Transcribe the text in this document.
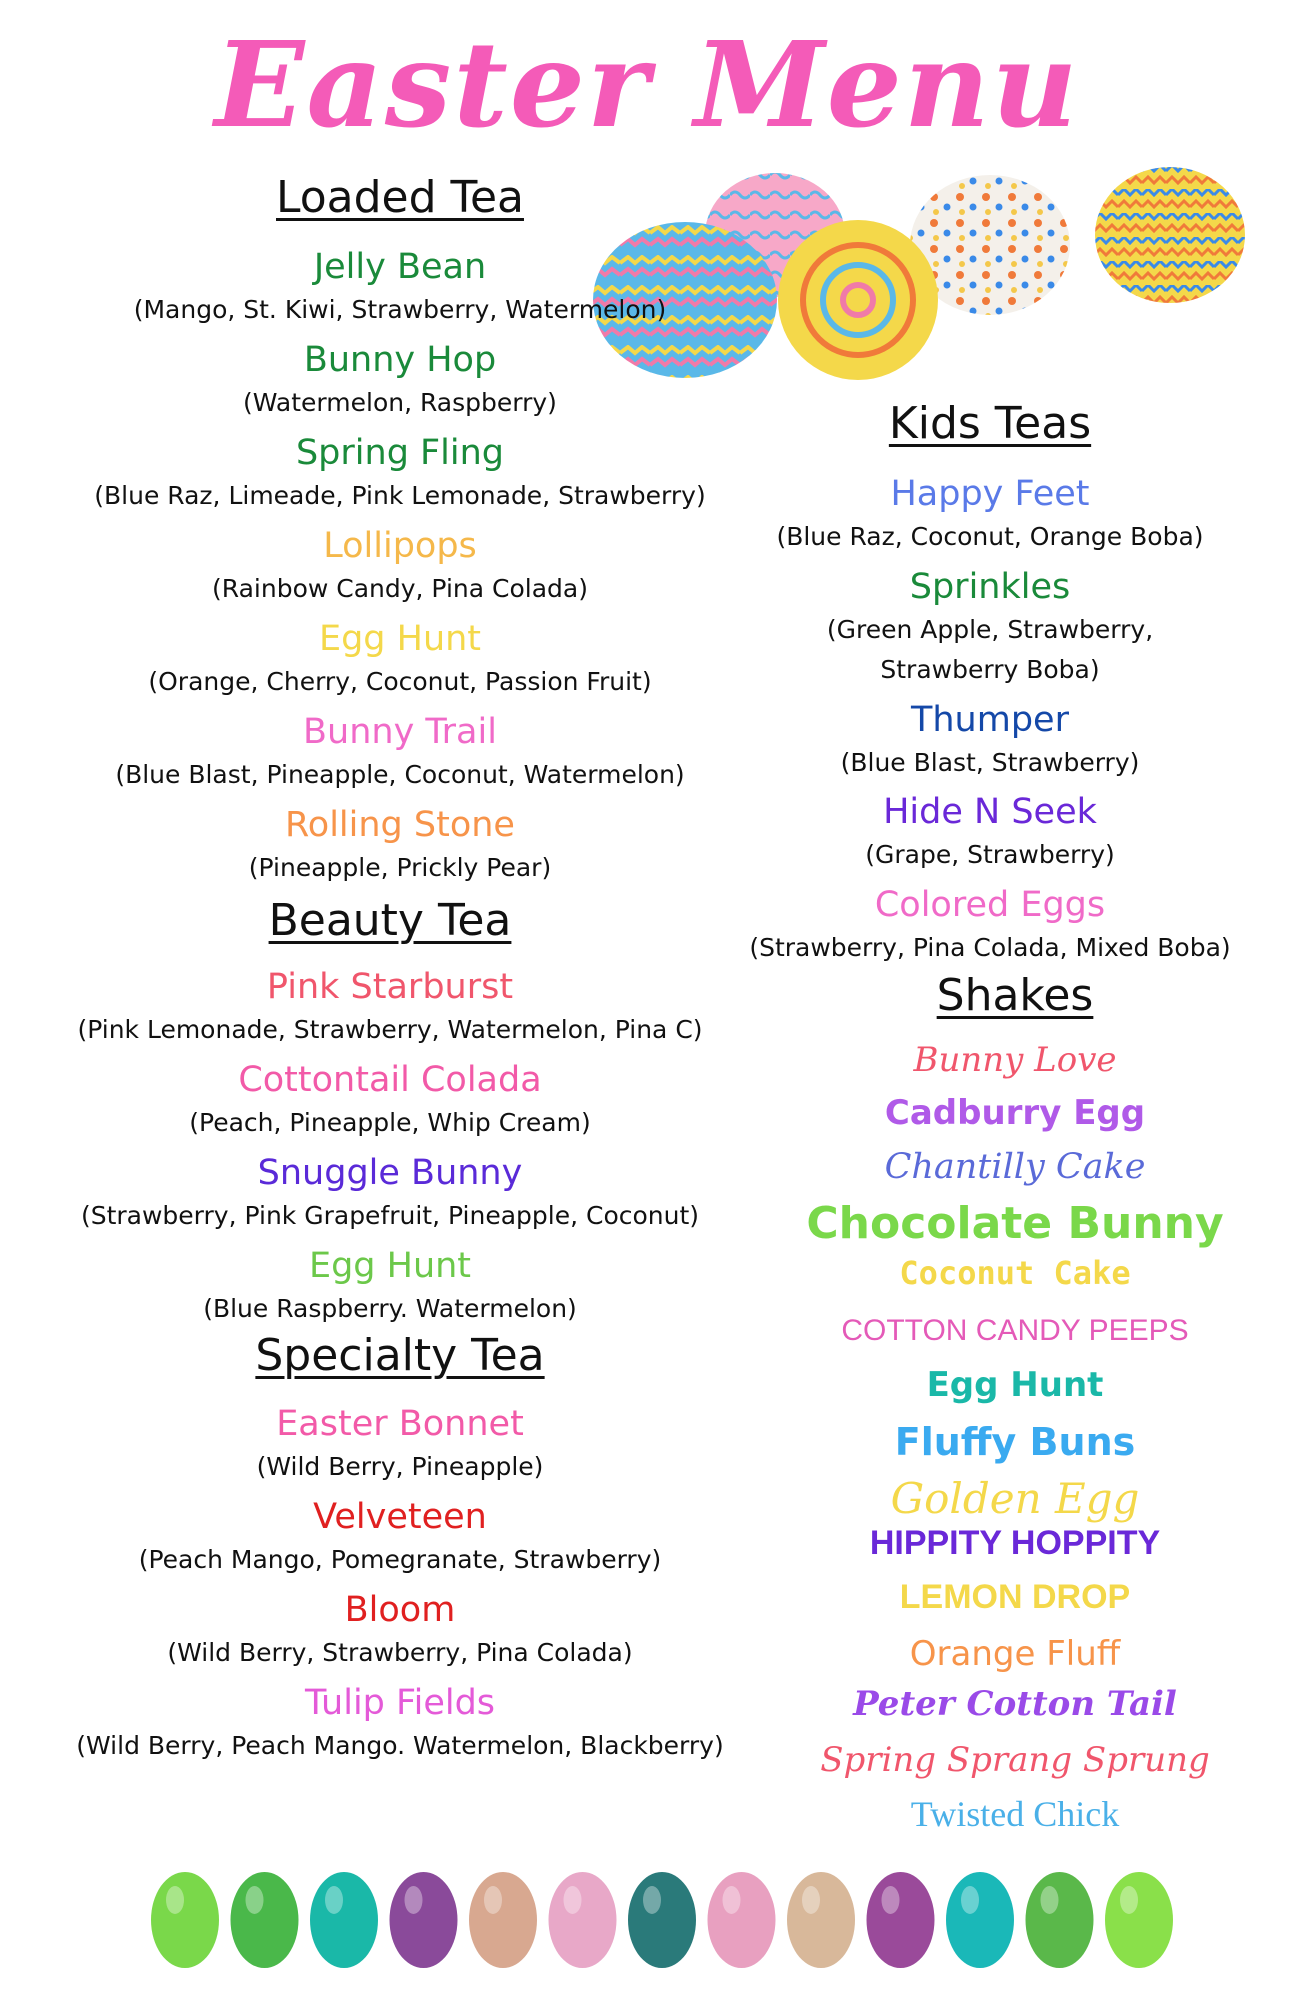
Easter Menu
Loaded Tea
Jelly Bean
(Mango, St. Kiwi, Strawberry, Watermelon)
Bunny Hop
(Watermelon, Raspberry)
Spring Fling
(Blue Raz, Limeade, Pink Lemonade, Strawberry)
Lollipops
(Rainbow Candy, Pina Colada)
Egg Hunt
(Orange, Cherry, Coconut, Passion Fruit)
Bunny Trail
(Blue Blast, Pineapple, Coconut, Watermelon)
Rolling Stone
(Pineapple, Prickly Pear)
Beauty Tea
Pink Starburst
(Pink Lemonade, Strawberry, Watermelon, Pina C)
Cottontail Colada
(Peach, Pineapple, Whip Cream)
Snuggle Bunny
(Strawberry, Pink Grapefruit, Pineapple, Coconut)
Egg Hunt
(Blue Raspberry. Watermelon)
Specialty Tea
Easter Bonnet
(Wild Berry, Pineapple)
Velveteen
(Peach Mango, Pomegranate, Strawberry)
Bloom
(Wild Berry, Strawberry, Pina Colada)
Tulip Fields
(Wild Berry, Peach Mango. Watermelon, Blackberry)
Kids Teas
Happy Feet
(Blue Raz, Coconut, Orange Boba)
Sprinkles
(Green Apple, Strawberry,
Strawberry Boba)
Thumper
(Blue Blast, Strawberry)
Hide N Seek
(Grape, Strawberry)
Colored Eggs
(Strawberry, Pina Colada, Mixed Boba)
Shakes
Bunny Love
Cadburry Egg
Chantilly Cake
Chocolate Bunny
Coconut Cake
COTTON CANDY PEEPS
Egg Hunt
Fluffy Buns
Golden Egg
HIPPITY HOPPITY
LEMON DROP
Orange Fluff
Peter Cotton Tail
Spring Sprang Sprung
Twisted Chick
